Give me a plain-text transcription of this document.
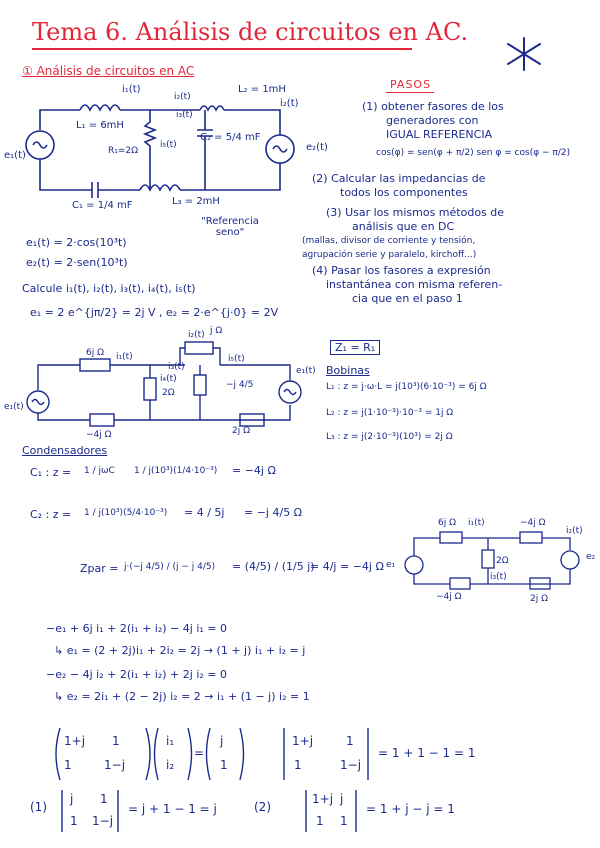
Tema 6. Análisis de circuitos en AC.
① Análisis de circuitos en AC
i₁(t)
i₂(t)
L₂ = 1mH
i₂(t)
L₁ = 6mH
R₁=2Ω
i₅(t)
i₃(t)
C₂ = 5/4 mF
e₁(t)
e₂(t)
C₁ = 1/4 mF	L₃ = 2mH
"Referencia seno"
PASOS
(1) obtener fasores de los
generadores con
IGUAL REFERENCIA
cos(φ) = sen(φ + π/2) sen φ = cos(φ − π/2)
(2) Calcular las impedancias de
todos los componentes
(3) Usar los mismos métodos de
análisis que en DC
(mallas, divisor de corriente y tensión,
agrupación serie y paralelo, kirchoff...)
(4) Pasar los fasores a expresión
instantánea con misma referen-
cia que en el paso 1
e₁(t) = 2·cos(10³t)
e₂(t) = 2·sen(10³t)
Calcule i₁(t), i₂(t), i₃(t), i₄(t), i₅(t)
e₁ = 2 e^{jπ/2} = 2j V , e₂ = 2·e^{j·0} = 2V
6j Ω i₁(t)
j Ω
i₂(t)
i₅(t)
2Ω
i₄(t)
i₃(t)
−j 4/5
e₁(t)
e₁(t)
−4j Ω	2j Ω
Z₁ = R₁
Bobinas
L₁ : z = j·ω·L = j(10³)(6·10⁻³) = 6j Ω
L₂ : z = j(1·10⁻³)·10⁻³ = 1j Ω
L₃ : z = j(2·10⁻³)(10³) = 2j Ω
Condensadores
C₁ : z = 1 / jωC 1 / j(10³)(1/4·10⁻³) = −4j Ω
C₂ : z = 1 / j(10³)(5/4·10⁻³) = 4 / 5j = −j 4/5 Ω
Zpar = j·(−j 4/5) / (j − j 4/5) = (4/5) / (1/5 j)
= 4/j = −4j Ω
6j Ω i₁(t)	−4j Ω
i₂(t)
2Ω
e₁
e₂
−4j Ω
i₃(t)
2j Ω
−e₁ + 6j i₁ + 2(i₁ + i₂) − 4j i₁ = 0
↳ e₁ = (2 + 2j)i₁ + 2i₂ = 2j → (1 + j) i₁ + i₂ = j
−e₂ − 4j i₂ + 2(i₁ + i₂) + 2j i₂ = 0
↳ e₂ = 2i₁ + (2 − 2j) i₂ = 2 → i₁ + (1 − j) i₂ = 1
1+j 1
1	1−j
i₁
i₂
=
j
1
1+j	1
1	1−j
= 1 + 1 − 1 = 1
(1)
j 1
1 1−j
= j + 1 − 1 = j	(2)
1+j j
1 1
= 1 + j − j = 1
